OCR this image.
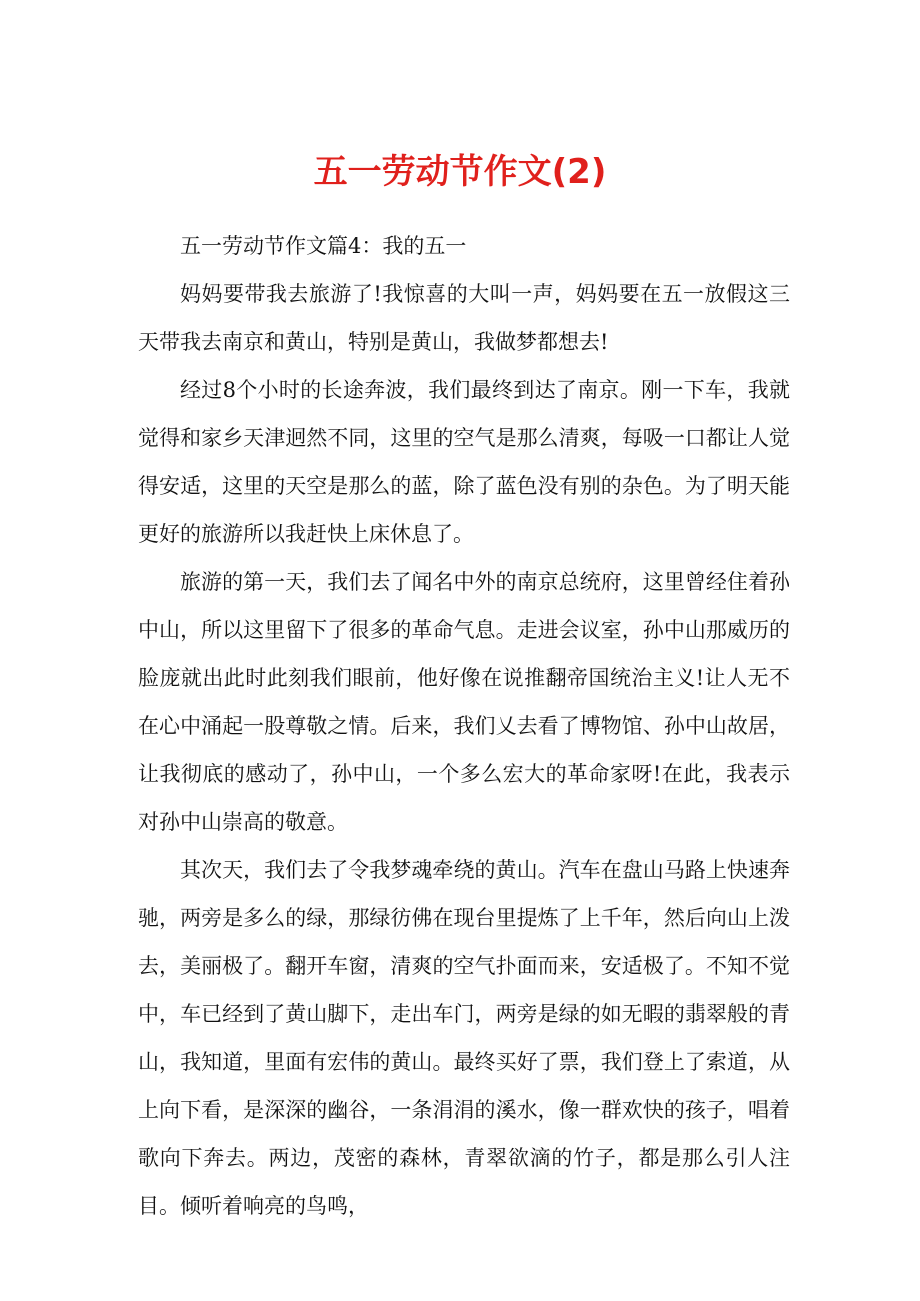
五一劳动节作文(2)

五一劳动节作文篇4：我的五一

妈妈要带我去旅游了!我惊喜的大叫一声，妈妈要在五一放假这三天带我去南京和黄山，特别是黄山，我做梦都想去!

经过8个小时的长途奔波，我们最终到达了南京。刚一下车，我就觉得和家乡天津迥然不同，这里的空气是那么清爽，每吸一口都让人觉得安适，这里的天空是那么的蓝，除了蓝色没有别的杂色。为了明天能更好的旅游所以我赶快上床休息了。

旅游的第一天，我们去了闻名中外的南京总统府，这里曾经住着孙中山，所以这里留下了很多的革命气息。走进会议室，孙中山那威历的脸庞就出此时此刻我们眼前，他好像在说推翻帝国统治主义!让人无不在心中涌起一股尊敬之情。后来，我们乂去看了博物馆、孙中山故居，让我彻底的感动了，孙中山，一个多么宏大的革命家呀!在此，我表示对孙中山崇高的敬意。

其次天，我们去了令我梦魂牵绕的黄山。汽车在盘山马路上快速奔驰，两旁是多么的绿，那绿彷佛在现台里提炼了上千年，然后向山上泼去，美丽极了。翻开车窗，清爽的空气扑面而来，安适极了。不知不觉中，车已经到了黄山脚下，走出车门，两旁是绿的如无暇的翡翠般的青山，我知道，里面有宏伟的黄山。最终买好了票，我们登上了索道，从上向下看，是深深的幽谷，一条涓涓的溪水，像一群欢快的孩子，唱着歌向下奔去。两边，茂密的森林，青翠欲滴的竹子，都是那么引人注目。倾听着响亮的鸟鸣，
